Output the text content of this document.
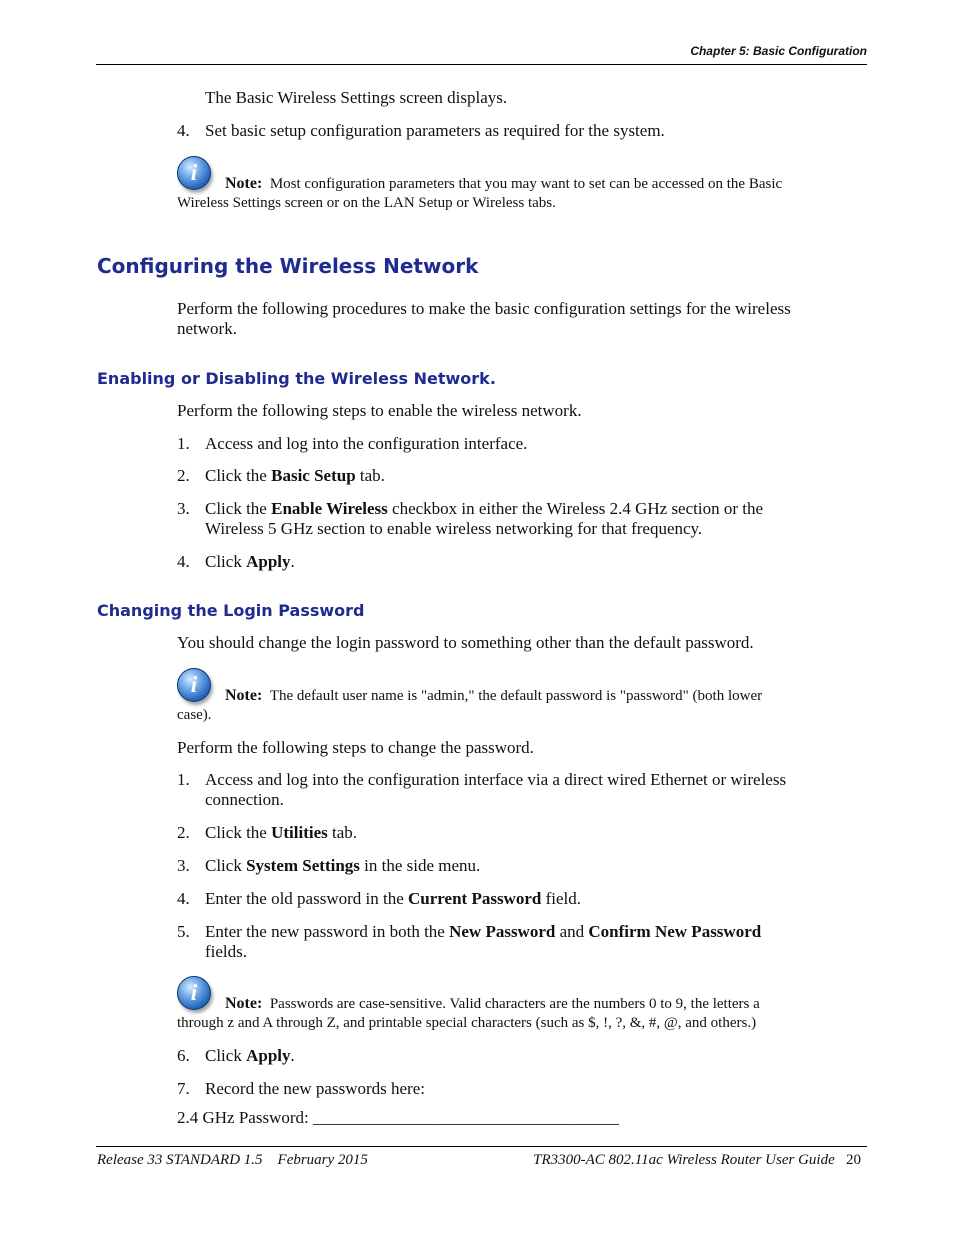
Chapter 5: Basic Configuration
The Basic Wireless Settings screen displays.
4. Set basic setup configuration parameters as required for the system.
i	Note: Most configuration parameters that you may want to set can be accessed on the Basic
Wireless Settings screen or on the LAN Setup or Wireless tabs.
Configuring the Wireless Network
Perform the following procedures to make the basic configuration settings for the wireless
network.
Enabling or Disabling the Wireless Network.
Perform the following steps to enable the wireless network.
1. Access and log into the configuration interface.
2. Click the Basic Setup tab.
3. Click the Enable Wireless checkbox in either the Wireless 2.4 GHz section or the
Wireless 5 GHz section to enable wireless networking for that frequency.
4. Click Apply.
Changing the Login Password
You should change the login password to something other than the default password.
i	Note: The default user name is "admin," the default password is "password" (both lower
case).
Perform the following steps to change the password.
1. Access and log into the configuration interface via a direct wired Ethernet or wireless
connection.
2. Click the Utilities tab.
3. Click System Settings in the side menu.
4. Enter the old password in the Current Password field.
5. Enter the new password in both the New Password and Confirm New Password
fields.
i	Note: Passwords are case-sensitive. Valid characters are the numbers 0 to 9, the letters a
through z and A through Z, and printable special characters (such as $, !, ?, &, #, @, and others.)
6. Click Apply.
7. Record the new passwords here:
2.4 GHz Password: ____________________________________
Release 33 STANDARD 1.5    February 2015	TR3300-AC 802.11ac Wireless Router User Guide 20
